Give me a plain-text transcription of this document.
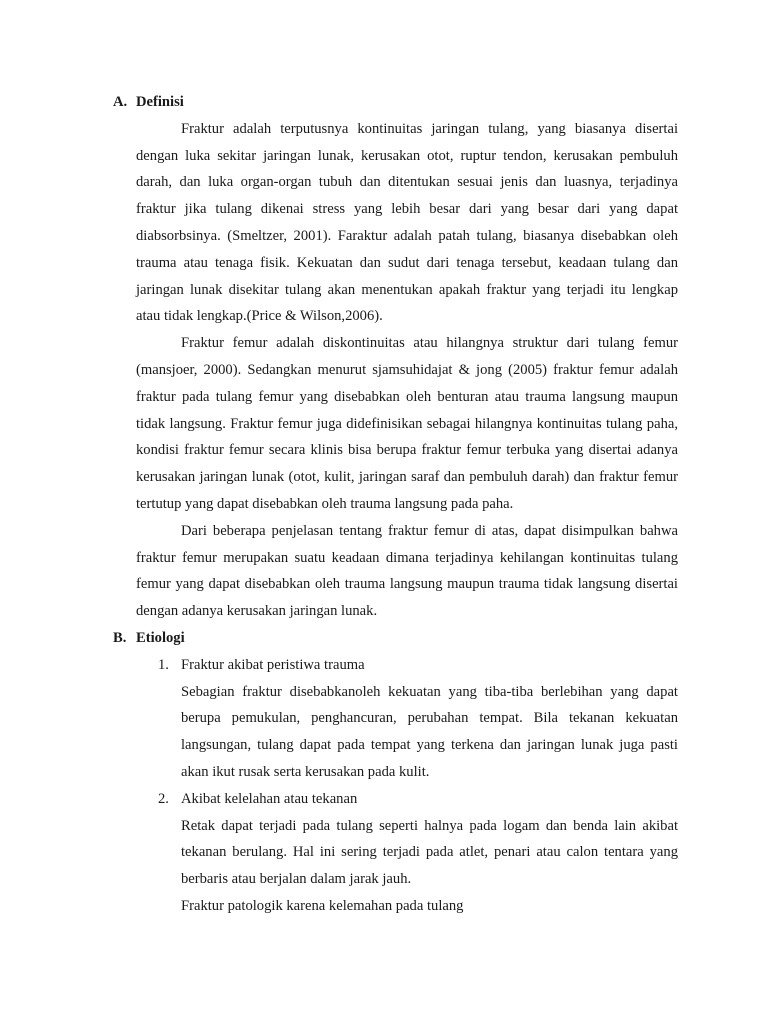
A. Definisi

Fraktur adalah terputusnya kontinuitas jaringan tulang, yang biasanya disertai dengan luka sekitar jaringan lunak, kerusakan otot, ruptur tendon, kerusakan pembuluh darah, dan luka organ-organ tubuh dan ditentukan sesuai jenis dan luasnya, terjadinya fraktur jika tulang dikenai stress yang lebih besar dari yang besar dari yang dapat diabsorbsinya. (Smeltzer, 2001). Faraktur adalah patah tulang, biasanya disebabkan oleh trauma atau tenaga fisik. Kekuatan dan sudut dari tenaga tersebut, keadaan tulang dan jaringan lunak disekitar tulang akan menentukan apakah fraktur yang terjadi itu lengkap atau tidak lengkap.(Price & Wilson,2006).

Fraktur femur adalah diskontinuitas atau hilangnya struktur dari tulang femur (mansjoer, 2000). Sedangkan menurut sjamsuhidajat & jong (2005) fraktur femur adalah fraktur pada tulang femur yang disebabkan oleh benturan atau trauma langsung maupun tidak langsung. Fraktur femur juga didefinisikan sebagai hilangnya kontinuitas tulang paha, kondisi fraktur femur secara klinis bisa berupa fraktur femur terbuka yang disertai adanya kerusakan jaringan lunak (otot, kulit, jaringan saraf dan pembuluh darah) dan fraktur femur tertutup yang dapat disebabkan oleh trauma langsung pada paha.

Dari beberapa penjelasan tentang fraktur femur di atas, dapat disimpulkan bahwa fraktur femur merupakan suatu keadaan dimana terjadinya kehilangan kontinuitas tulang femur yang dapat disebabkan oleh trauma langsung maupun trauma tidak langsung disertai dengan adanya kerusakan jaringan lunak.

B. Etiologi
1. Fraktur akibat peristiwa trauma

Sebagian fraktur disebabkanoleh kekuatan yang tiba-tiba berlebihan yang dapat berupa pemukulan, penghancuran, perubahan tempat. Bila tekanan kekuatan langsungan, tulang dapat pada tempat yang terkena dan jaringan lunak juga pasti akan ikut rusak serta kerusakan pada kulit.

2. Akibat kelelahan atau tekanan

Retak dapat terjadi pada tulang seperti halnya pada logam dan benda lain akibat tekanan berulang. Hal ini sering terjadi pada atlet, penari atau calon tentara yang berbaris atau berjalan dalam jarak jauh.

Fraktur patologik karena kelemahan pada tulang
